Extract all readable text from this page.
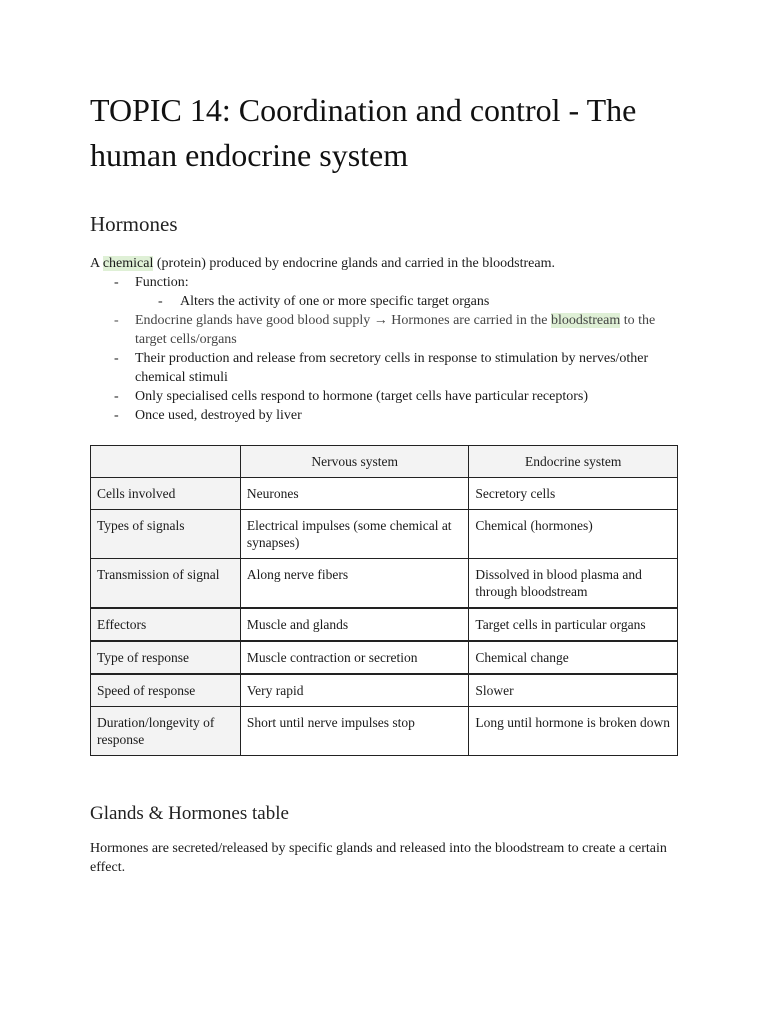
TOPIC 14: Coordination and control - The human endocrine system
Hormones

A chemical (protein) produced by endocrine glands and carried in the bloodstream.

- Function:
- Alters the activity of one or more specific target organs
- Endocrine glands have good blood supply → Hormones are carried in the bloodstream to the target cells/organs
- Their production and release from secretory cells in response to stimulation by nerves/other chemical stimuli
- Only specialised cells respond to hormone (target cells have particular receptors)
- Once used, destroyed by liver
	Nervous system	Endocrine system
Cells involved	Neurones	Secretory cells
Types of signals	Electrical impulses (some chemical at synapses)	Chemical (hormones)
Transmission of signal	Along nerve fibers	Dissolved in blood plasma and through bloodstream
Effectors	Muscle and glands	Target cells in particular organs
Type of response	Muscle contraction or secretion	Chemical change
Speed of response	Very rapid	Slower
Duration/longevity of response	Short until nerve impulses stop	Long until hormone is broken down
Glands & Hormones table

Hormones are secreted/released by specific glands and released into the bloodstream to create a certain effect.
